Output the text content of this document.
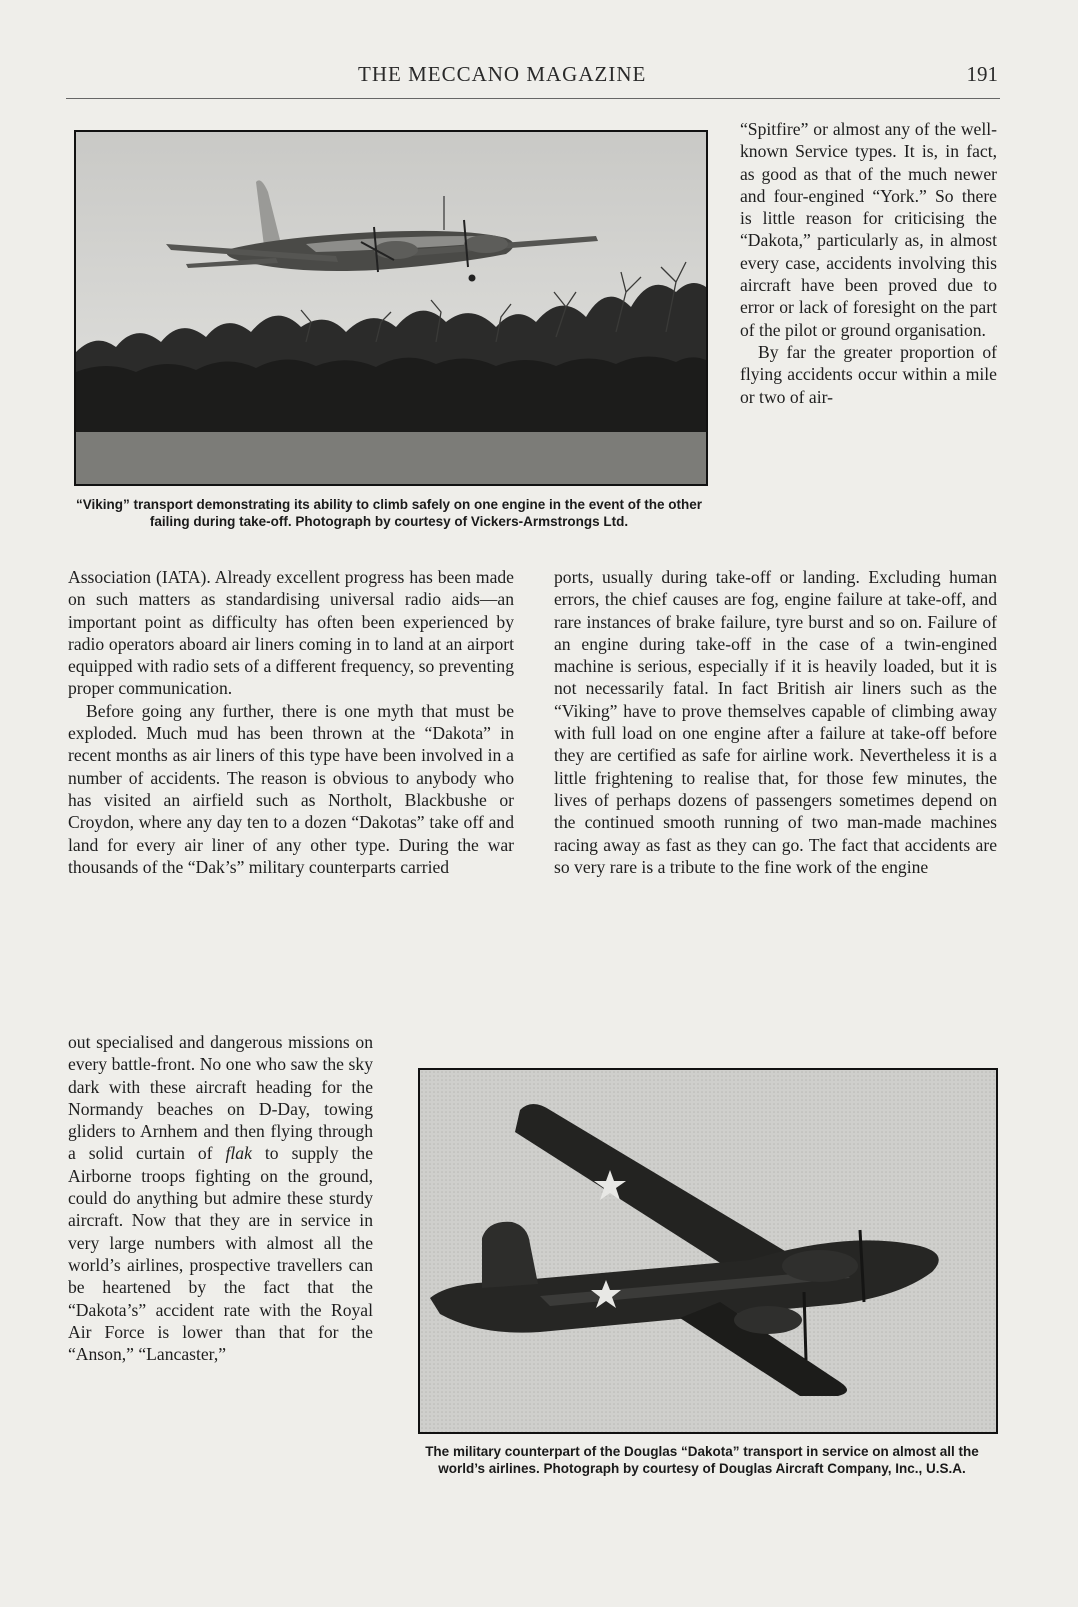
THE MECCANO MAGAZINE	191
“Viking” transport demonstrating its ability to climb safely on one engine in the event of the other failing during take-off. Photograph by courtesy of Vickers-Armstrongs Ltd.

“Spitfire” or almost any of the well-known Service types. It is, in fact, as good as that of the much newer and four-engined “York.” So there is little reason for criticising the “Dakota,” particularly as, in almost every case, accidents involving this aircraft have been proved due to error or lack of foresight on the part of the pilot or ground organisation.

By far the greater proportion of flying accidents occur within a mile or two of air-

Association (IATA). Already excellent progress has been made on such matters as standardising universal radio aids—an important point as difficulty has often been experienced by radio operators aboard air liners coming in to land at an airport equipped with radio sets of a different frequency, so preventing proper communication.

Before going any further, there is one myth that must be exploded. Much mud has been thrown at the “Dakota” in recent months as air liners of this type have been involved in a number of accidents. The reason is obvious to anybody who has visited an airfield such as Northolt, Blackbushe or Croydon, where any day ten to a dozen “Dakotas” take off and land for every air liner of any other type. During the war thousands of the “Dak’s” military counterparts carried

out specialised and dangerous missions on every battle-front. No one who saw the sky dark with these aircraft heading for the Normandy beaches on D-Day, towing gliders to Arnhem and then flying through a solid curtain of flak to supply the Airborne troops fighting on the ground, could do anything but admire these sturdy aircraft. Now that they are in service in very large numbers with almost all the world’s airlines, prospective travellers can be heartened by the fact that the “Dakota’s” accident rate with the Royal Air Force is lower than that for the “Anson,” “Lancaster,”

ports, usually during take-off or landing. Excluding human errors, the chief causes are fog, engine failure at take-off, and rare instances of brake failure, tyre burst and so on. Failure of an engine during take-off in the case of a twin-engined machine is serious, especially if it is heavily loaded, but it is not necessarily fatal. In fact British air liners such as the “Viking” have to prove themselves capable of climbing away with full load on one engine after a failure at take-off before they are certified as safe for airline work. Nevertheless it is a little frightening to realise that, for those few minutes, the lives of perhaps dozens of passengers sometimes depend on the continued smooth running of two man-made machines racing away as fast as they can go. The fact that accidents are so very rare is a tribute to the fine work of the engine

The military counterpart of the Douglas “Dakota” transport in service on almost all the world’s airlines. Photograph by courtesy of Douglas Aircraft Company, Inc., U.S.A.
